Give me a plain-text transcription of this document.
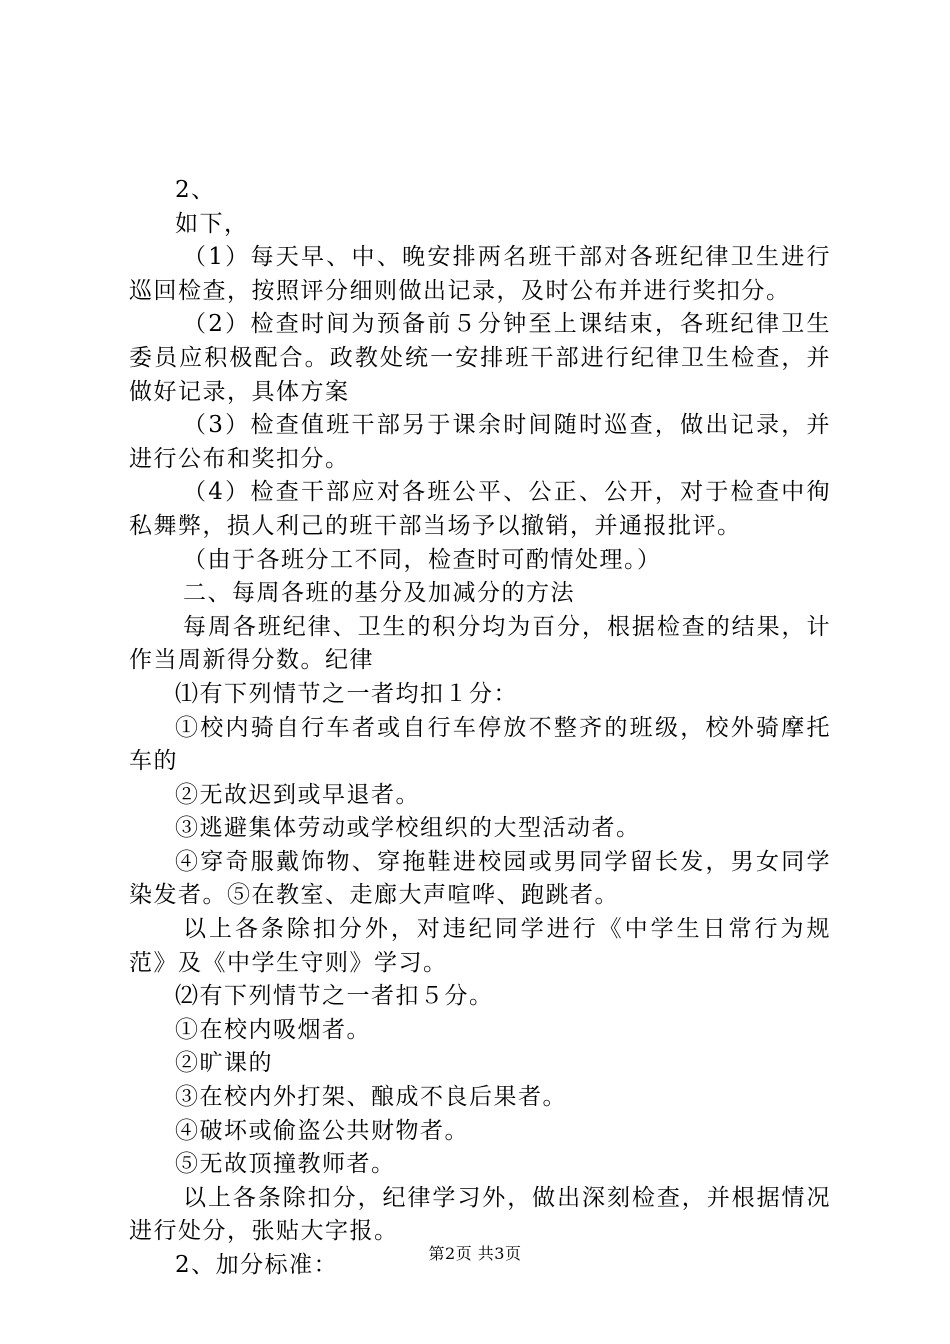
2、

如下，

（1）每天早、中、晚安排两名班干部对各班纪律卫生进行巡回检查，按照评分细则做出记录，及时公布并进行奖扣分。

（2）检查时间为预备前５分钟至上课结束，各班纪律卫生委员应积极配合。政教处统一安排班干部进行纪律卫生检查，并做好记录，具体方案

（3）检查值班干部另于课余时间随时巡查，做出记录，并进行公布和奖扣分。

（4）检查干部应对各班公平、公正、公开，对于检查中徇私舞弊，损人利己的班干部当场予以撤销，并通报批评。

（由于各班分工不同，检查时可酌情处理。）

二、每周各班的基分及加减分的方法

每周各班纪律、卫生的积分均为百分，根据检查的结果，计作当周新得分数。纪律

⑴有下列情节之一者均扣１分：

①校内骑自行车者或自行车停放不整齐的班级，校外骑摩托车的

②无故迟到或早退者。

③逃避集体劳动或学校组织的大型活动者。

④穿奇服戴饰物、穿拖鞋进校园或男同学留长发，男女同学染发者。⑤在教室、走廊大声喧哗、跑跳者。

以上各条除扣分外，对违纪同学进行《中学生日常行为规范》及《中学生守则》学习。

⑵有下列情节之一者扣５分。

①在校内吸烟者。

②旷课的

③在校内外打架、酿成不良后果者。

④破坏或偷盗公共财物者。

⑤无故顶撞教师者。

以上各条除扣分，纪律学习外，做出深刻检查，并根据情况进行处分，张贴大字报。

2、加分标准：	第2页 共3页
